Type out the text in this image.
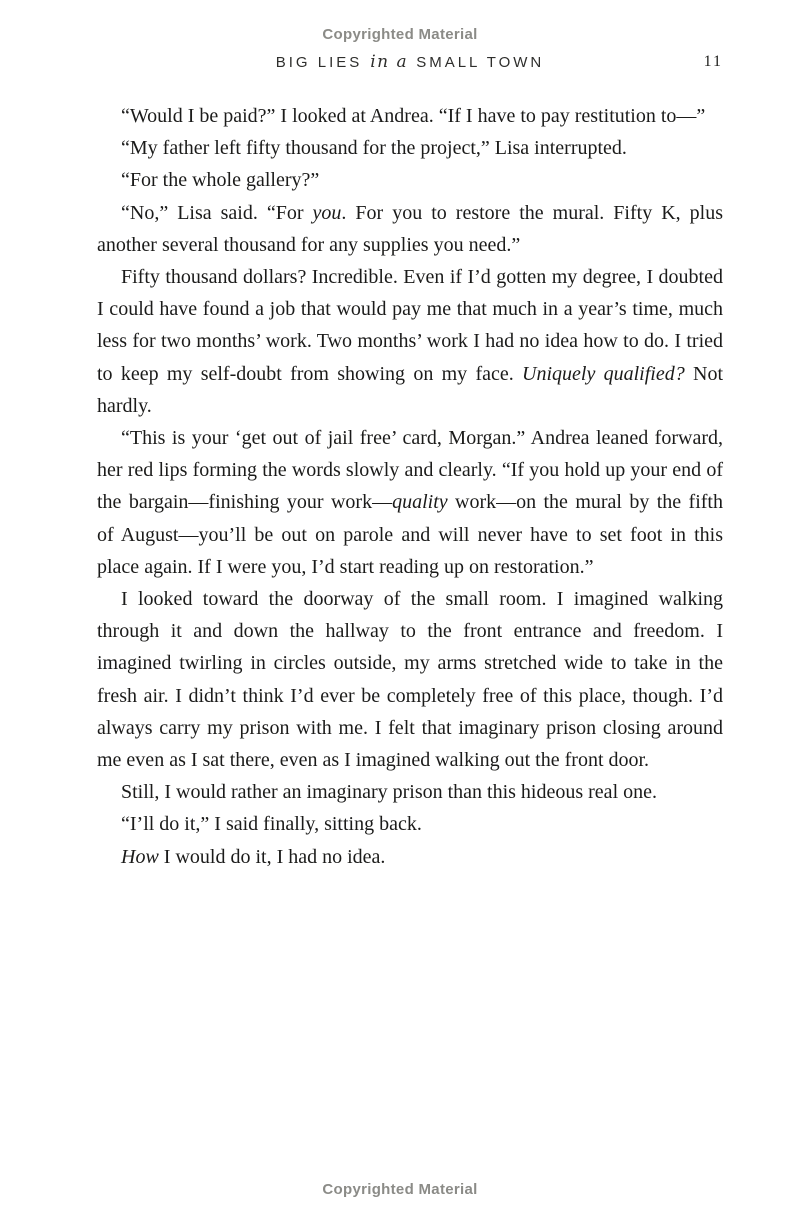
Copyrighted Material
BIG LIES in a SMALL TOWN	11

“Would I be paid?” I looked at Andrea. “If I have to pay restitution to—”

“My father left fifty thousand for the project,” Lisa interrupted.

“For the whole gallery?”

“No,” Lisa said. “For you. For you to restore the mural. Fifty K, plus another several thousand for any supplies you need.”

Fifty thousand dollars? Incredible. Even if I’d gotten my degree, I doubted I could have found a job that would pay me that much in a year’s time, much less for two months’ work. Two months’ work I had no idea how to do. I tried to keep my self-doubt from showing on my face. Uniquely qualified? Not hardly.

“This is your ‘get out of jail free’ card, Morgan.” Andrea leaned forward, her red lips forming the words slowly and clearly. “If you hold up your end of the bargain—finishing your work—quality work—on the mural by the fifth of August—you’ll be out on parole and will never have to set foot in this place again. If I were you, I’d start reading up on restoration.”

I looked toward the doorway of the small room. I imagined walking through it and down the hallway to the front entrance and freedom. I imagined twirling in circles outside, my arms stretched wide to take in the fresh air. I didn’t think I’d ever be completely free of this place, though. I’d always carry my prison with me. I felt that imaginary prison closing around me even as I sat there, even as I imagined walking out the front door.

Still, I would rather an imaginary prison than this hideous real one.

“I’ll do it,” I said finally, sitting back.

How I would do it, I had no idea.

Copyrighted Material
